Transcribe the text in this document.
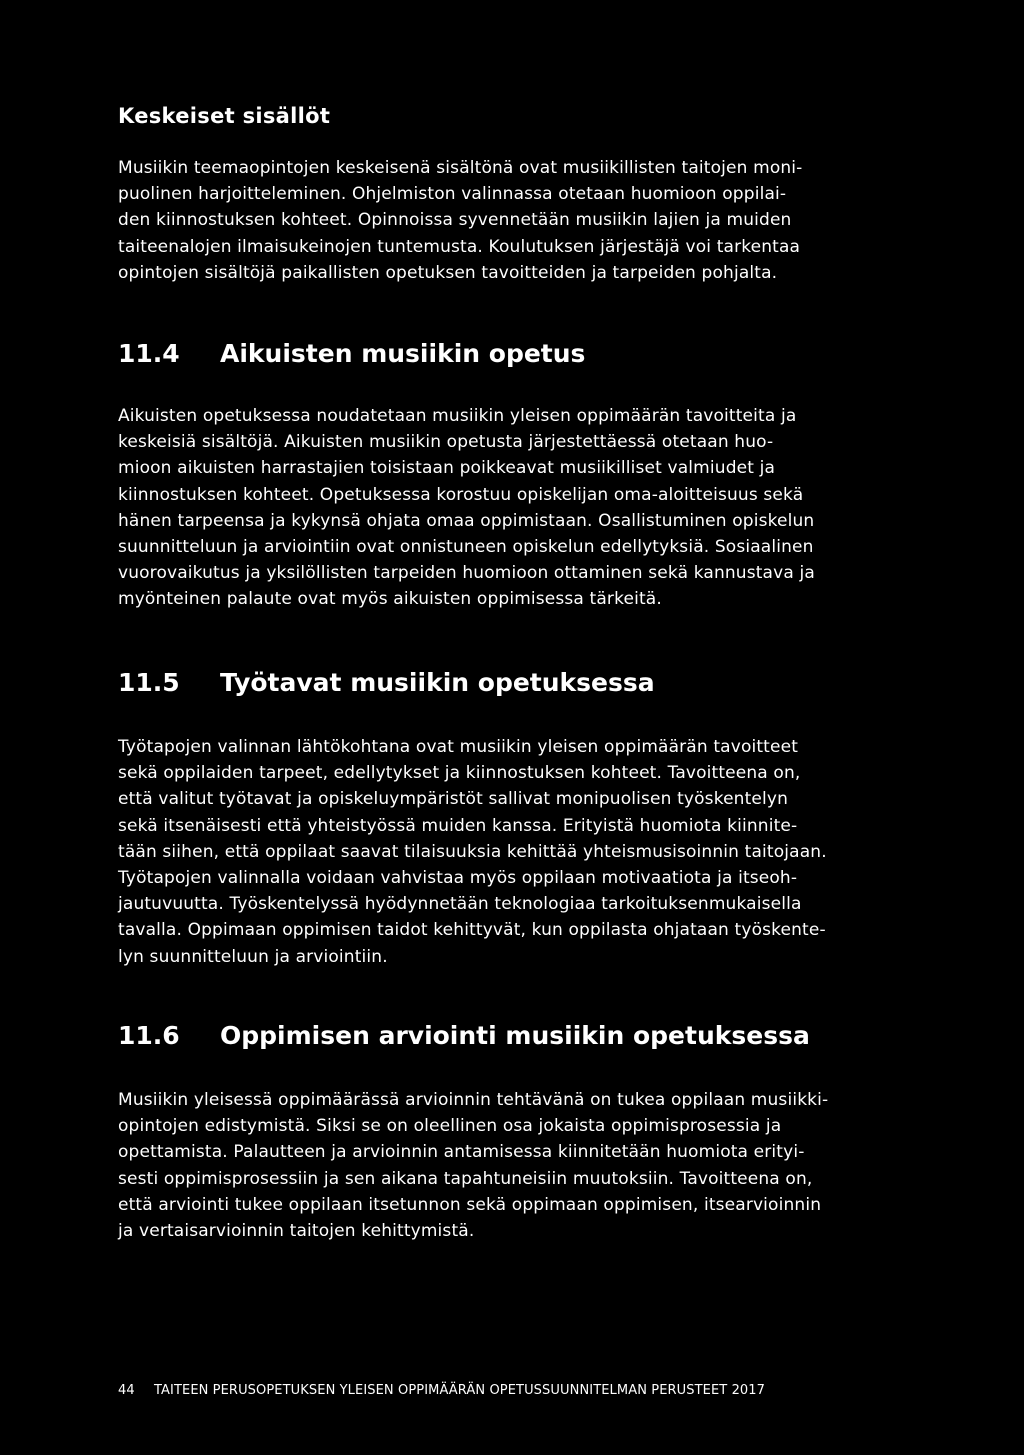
Keskeiset sisällöt

Musiikin teemaopintojen keskeisenä sisältönä ovat musiikillisten taitojen moni-
puolinen harjoitteleminen. Ohjelmiston valinnassa otetaan huomioon oppilai-
den kiinnostuksen kohteet. Opinnoissa syvennetään musiikin lajien ja muiden
taiteenalojen ilmaisukeinojen tuntemusta. Koulutuksen järjestäjä voi tarkentaa
opintojen sisältöjä paikallisten opetuksen tavoitteiden ja tarpeiden pohjalta.

11.4 Aikuisten musiikin opetus

Aikuisten opetuksessa noudatetaan musiikin yleisen oppimäärän tavoitteita ja
keskeisiä sisältöjä. Aikuisten musiikin opetusta järjestettäessä otetaan huo-
mioon aikuisten harrastajien toisistaan poikkeavat musiikilliset valmiudet ja
kiinnostuksen kohteet. Opetuksessa korostuu opiskelijan oma-aloitteisuus sekä
hänen tarpeensa ja kykynsä ohjata omaa oppimistaan. Osallistuminen opiskelun
suunnitteluun ja arviointiin ovat onnistuneen opiskelun edellytyksiä. Sosiaalinen
vuorovaikutus ja yksilöllisten tarpeiden huomioon ottaminen sekä kannustava ja
myönteinen palaute ovat myös aikuisten oppimisessa tärkeitä.

11.5 Työtavat musiikin opetuksessa

Työtapojen valinnan lähtökohtana ovat musiikin yleisen oppimäärän tavoitteet
sekä oppilaiden tarpeet, edellytykset ja kiinnostuksen kohteet. Tavoitteena on,
että valitut työtavat ja opiskeluympäristöt sallivat monipuolisen työskentelyn
sekä itsenäisesti että yhteistyössä muiden kanssa. Erityistä huomiota kiinnite-
tään siihen, että oppilaat saavat tilaisuuksia kehittää yhteismusisoinnin taitojaan.
Työtapojen valinnalla voidaan vahvistaa myös oppilaan motivaatiota ja itseoh-
jautuvuutta. Työskentelyssä hyödynnetään teknologiaa tarkoituksenmukaisella
tavalla. Oppimaan oppimisen taidot kehittyvät, kun oppilasta ohjataan työskente-
lyn suunnitteluun ja arviointiin.

11.6 Oppimisen arviointi musiikin opetuksessa

Musiikin yleisessä oppimäärässä arvioinnin tehtävänä on tukea oppilaan musiikki-
opintojen edistymistä. Siksi se on oleellinen osa jokaista oppimisprosessia ja
opettamista. Palautteen ja arvioinnin antamisessa kiinnitetään huomiota erityi-
sesti oppimisprosessiin ja sen aikana tapahtuneisiin muutoksiin. Tavoitteena on,
että arviointi tukee oppilaan itsetunnon sekä oppimaan oppimisen, itsearvioinnin
ja vertaisarvioinnin taitojen kehittymistä.

44 TAITEEN PERUSOPETUKSEN YLEISEN OPPIMÄÄRÄN OPETUSSUUNNITELMAN PERUSTEET 2017
